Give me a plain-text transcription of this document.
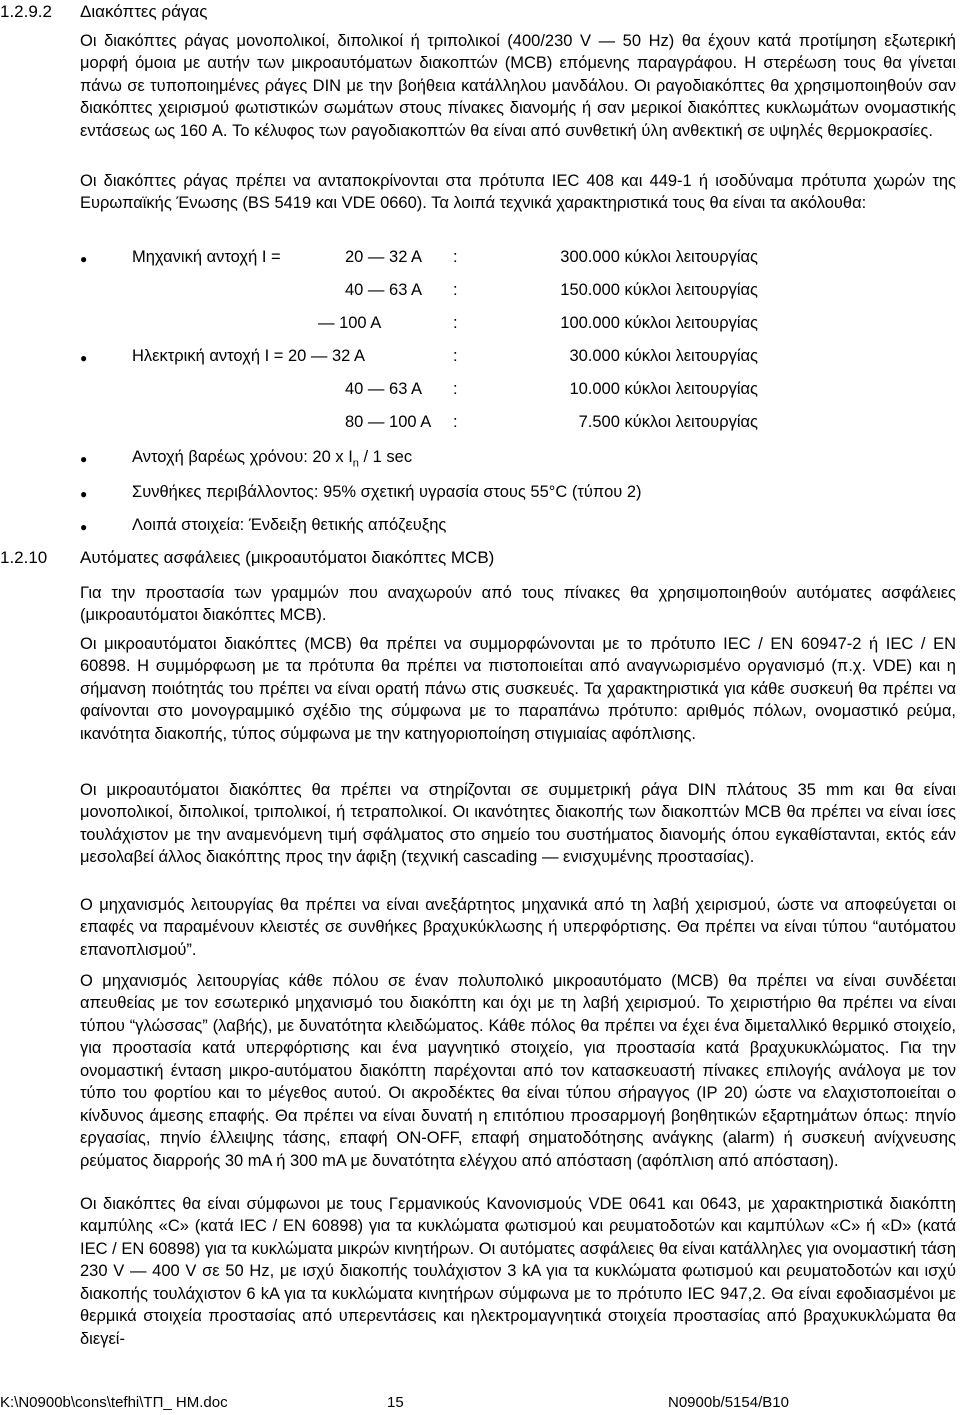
1.2.9.2 Διακόπτες ράγας

Οι διακόπτες ράγας μονοπολικοί, διπολικοί ή τριπολικοί (400/230 V — 50 Hz) θα έχουν κατά προτίμηση εξωτερική μορφή όμοια με αυτήν των μικροαυτόματων διακοπτών (MCB) επόμενης παραγράφου. Η στερέωση τους θα γίνεται πάνω σε τυποποιημένες ράγες DIN με την βοήθεια κατάλληλου μανδάλου. Οι ραγοδιακόπτες θα χρησιμοποιηθούν σαν διακόπτες χειρισμού φωτιστικών σωμάτων στους πίνακες διανομής ή σαν μερικοί διακόπτες κυκλωμάτων ονομαστικής εντάσεως ως 160 A. Το κέλυφος των ραγοδιακοπτών θα είναι από συνθετική ύλη ανθεκτική σε υψηλές θερμοκρασίες.

Οι διακόπτες ράγας πρέπει να ανταποκρίνονται στα πρότυπα IEC 408 και 449-1 ή ισοδύναμα πρότυπα χωρών της Ευρωπαϊκής Ένωσης (BS 5419 και VDE 0660). Τα λοιπά τεχνικά χαρακτηριστικά τους θα είναι τα ακόλουθα:

●	Μηχανική αντοχή I =	20 — 32 A :	300.000 κύκλοι λειτουργίας
40 — 63 A :	150.000 κύκλοι λειτουργίας
— 100 A	:	100.000 κύκλοι λειτουργίας
●	Ηλεκτρική αντοχή I = 20 — 32 A	:	30.000 κύκλοι λειτουργίας
40 — 63 A :	10.000 κύκλοι λειτουργίας
80 — 100 A :	7.500 κύκλοι λειτουργίας
●	Αντοχή βαρέως χρόνου: 20 x $I_n / 1$ sec
●	Συνθήκες περιβάλλοντος: 95% σχετική υγρασία στους 55°C (τύπου 2)
●	Λοιπά στοιχεία: Ένδειξη θετικής απόζευξης
1.2.10 Αυτόματες ασφάλειες (μικροαυτόματοι διακόπτες MCB)

Για την προστασία των γραμμών που αναχωρούν από τους πίνακες θα χρησιμοποιηθούν αυτόματες ασφάλειες (μικροαυτόματοι διακόπτες MCB).

Οι μικροαυτόματοι διακόπτες (MCB) θα πρέπει να συμμορφώνονται με το πρότυπο IEC / EN 60947-2 ή IEC / EN 60898. Η συμμόρφωση με τα πρότυπα θα πρέπει να πιστοποιείται από αναγνωρισμένο οργανισμό (π.χ. VDE) και η σήμανση ποιότητάς του πρέπει να είναι ορατή πάνω στις συσκευές. Τα χαρακτηριστικά για κάθε συσκευή θα πρέπει να φαίνονται στο μονογραμμικό σχέδιο της σύμφωνα με το παραπάνω πρότυπο: αριθμός πόλων, ονομαστικό ρεύμα, ικανότητα διακοπής, τύπος σύμφωνα με την κατηγοριοποίηση στιγμιαίας αφόπλισης.

Οι μικροαυτόματοι διακόπτες θα πρέπει να στηρίζονται σε συμμετρική ράγα DIN πλάτους 35 mm και θα είναι μονοπολικοί, διπολικοί, τριπολικοί, ή τετραπολικοί. Οι ικανότητες διακοπής των διακοπτών MCB θα πρέπει να είναι ίσες τουλάχιστον με την αναμενόμενη τιμή σφάλματος στο σημείο του συστήματος διανομής όπου εγκαθίστανται, εκτός εάν μεσολαβεί άλλος διακόπτης προς την άφιξη (τεχνική cascading — ενισχυμένης προστασίας).

Ο μηχανισμός λειτουργίας θα πρέπει να είναι ανεξάρτητος μηχανικά από τη λαβή χειρισμού, ώστε να αποφεύγεται οι επαφές να παραμένουν κλειστές σε συνθήκες βραχυκύκλωσης ή υπερφόρτισης. Θα πρέπει να είναι τύπου “αυτόματου επανοπλισμού”.

Ο μηχανισμός λειτουργίας κάθε πόλου σε έναν πολυπολικό μικροαυτόματο (MCB) θα πρέπει να είναι συνδέεται απευθείας με τον εσωτερικό μηχανισμό του διακόπτη και όχι με τη λαβή χειρισμού. Το χειριστήριο θα πρέπει να είναι τύπου “γλώσσας” (λαβής), με δυνατότητα κλειδώματος. Κάθε πόλος θα πρέπει να έχει ένα διμεταλλικό θερμικό στοιχείο, για προστασία κατά υπερφόρτισης και ένα μαγνητικό στοιχείο, για προστασία κατά βραχυκυκλώματος. Για την ονομαστική ένταση μικρο-αυτόματου διακόπτη παρέχονται από τον κατασκευαστή πίνακες επιλογής ανάλογα με τον τύπο του φορτίου και το μέγεθος αυτού. Οι ακροδέκτες θα είναι τύπου σήραγγος (IP 20) ώστε να ελαχιστοποιείται ο κίνδυνος άμεσης επαφής. Θα πρέπει να είναι δυνατή η επιτόπιου προσαρμογή βοηθητικών εξαρτημάτων όπως: πηνίο εργασίας, πηνίο έλλειψης τάσης, επαφή ON-OFF, επαφή σηματοδότησης ανάγκης (alarm) ή συσκευή ανίχνευσης ρεύματος διαρροής 30 mA ή 300 mA με δυνατότητα ελέγχου από απόσταση (αφόπλιση από απόσταση).

Οι διακόπτες θα είναι σύμφωνοι με τους Γερμανικούς Κανονισμούς VDE 0641 και 0643, με χαρακτηριστικά διακόπτη καμπύλης «C» (κατά IEC / EN 60898) για τα κυκλώματα φωτισμού και ρευματοδοτών και καμπύλων «C» ή «D» (κατά IEC / EN 60898) για τα κυκλώματα μικρών κινητήρων. Οι αυτόματες ασφάλειες θα είναι κατάλληλες για ονομαστική τάση 230 V — 400 V σε 50 Hz, με ισχύ διακοπής τουλάχιστον 3 kA για τα κυκλώματα φωτισμού και ρευματοδοτών και ισχύ διακοπής τουλάχιστον 6 kA για τα κυκλώματα κινητήρων σύμφωνα με το πρότυπο IEC 947,2. Θα είναι εφοδιασμένοι με θερμικά στοιχεία προστασίας από υπερεντάσεις και ηλεκτρομαγνητικά στοιχεία προστασίας από βραχυκυκλώματα θα διεγεί-

K:\N0900b\cons\tefhi\ΤΠ_ ΗΜ.doc	15	N0900b/5154/B10
